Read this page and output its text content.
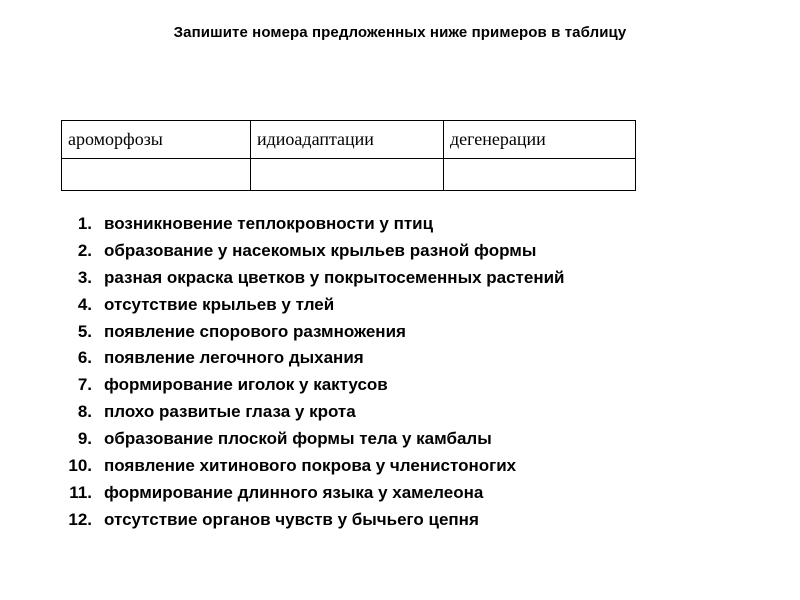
Запишите номера предложенных ниже примеров в таблицу
ароморфозы	идиоадаптации	дегенерации

1. возникновение теплокровности у птиц
2. образование у насекомых крыльев разной формы
3. разная окраска цветков у покрытосеменных растений
4. отсутствие крыльев у тлей
5. появление спорового размножения
6. появление легочного дыхания
7. формирование иголок у кактусов
8. плохо развитые глаза у крота
9. образование плоской формы тела у камбалы
10. появление хитинового покрова у членистоногих
11. формирование длинного языка у хамелеона
12. отсутствие органов чувств у бычьего цепня
